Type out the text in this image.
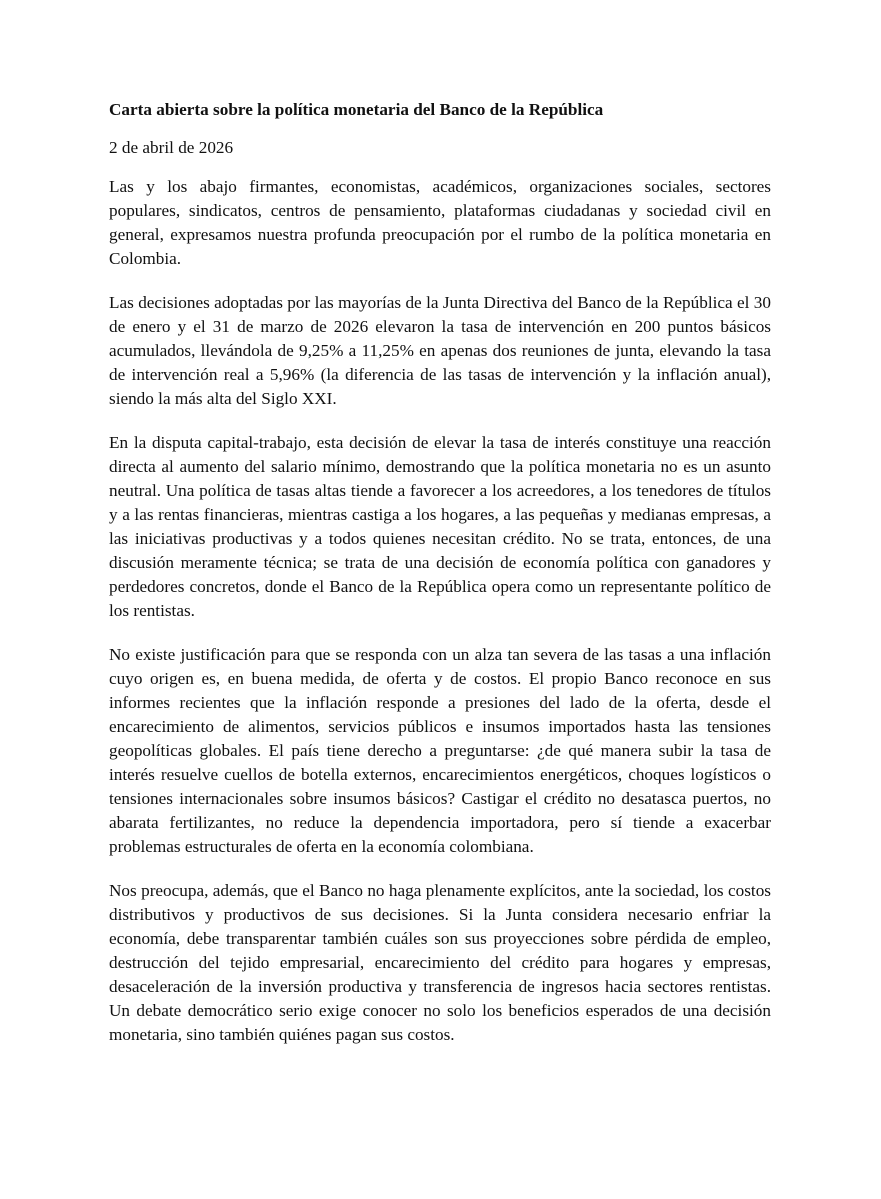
Carta abierta sobre la política monetaria del Banco de la República
2 de abril de 2026

Las y los abajo firmantes, economistas, académicos, organizaciones sociales, sectores populares, sindicatos, centros de pensamiento, plataformas ciudadanas y sociedad civil en general, expresamos nuestra profunda preocupación por el rumbo de la política monetaria en Colombia.

Las decisiones adoptadas por las mayorías de la Junta Directiva del Banco de la República el 30 de enero y el 31 de marzo de 2026 elevaron la tasa de intervención en 200 puntos básicos acumulados, llevándola de 9,25% a 11,25% en apenas dos reuniones de junta, elevando la tasa de intervención real a 5,96% (la diferencia de las tasas de intervención y la inflación anual), siendo la más alta del Siglo XXI.

En la disputa capital-trabajo, esta decisión de elevar la tasa de interés constituye una reacción directa al aumento del salario mínimo, demostrando que la política monetaria no es un asunto neutral. Una política de tasas altas tiende a favorecer a los acreedores, a los tenedores de títulos y a las rentas financieras, mientras castiga a los hogares, a las pequeñas y medianas empresas, a las iniciativas productivas y a todos quienes necesitan crédito. No se trata, entonces, de una discusión meramente técnica; se trata de una decisión de economía política con ganadores y perdedores concretos, donde el Banco de la República opera como un representante político de los rentistas.

No existe justificación para que se responda con un alza tan severa de las tasas a una inflación cuyo origen es, en buena medida, de oferta y de costos. El propio Banco reconoce en sus informes recientes que la inflación responde a presiones del lado de la oferta, desde el encarecimiento de alimentos, servicios públicos e insumos importados hasta las tensiones geopolíticas globales. El país tiene derecho a preguntarse: ¿de qué manera subir la tasa de interés resuelve cuellos de botella externos, encarecimientos energéticos, choques logísticos o tensiones internacionales sobre insumos básicos? Castigar el crédito no desatasca puertos, no abarata fertilizantes, no reduce la dependencia importadora, pero sí tiende a exacerbar problemas estructurales de oferta en la economía colombiana.

Nos preocupa, además, que el Banco no haga plenamente explícitos, ante la sociedad, los costos distributivos y productivos de sus decisiones. Si la Junta considera necesario enfriar la economía, debe transparentar también cuáles son sus proyecciones sobre pérdida de empleo, destrucción del tejido empresarial, encarecimiento del crédito para hogares y empresas, desaceleración de la inversión productiva y transferencia de ingresos hacia sectores rentistas. Un debate democrático serio exige conocer no solo los beneficios esperados de una decisión monetaria, sino también quiénes pagan sus costos.
